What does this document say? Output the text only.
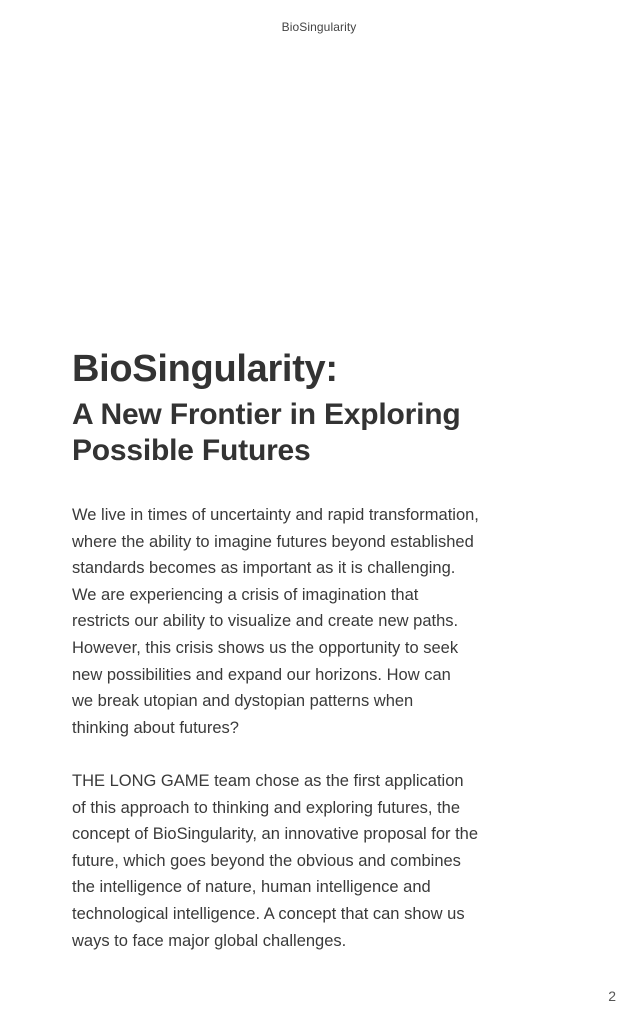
BioSingularity
BioSingularity:
A New Frontier in Exploring
Possible Futures

We live in times of uncertainty and rapid transformation,
where the ability to imagine futures beyond established
standards becomes as important as it is challenging.
We are experiencing a crisis of imagination that
restricts our ability to visualize and create new paths.
However, this crisis shows us the opportunity to seek
new possibilities and expand our horizons. How can
we break utopian and dystopian patterns when
thinking about futures?

THE LONG GAME team chose as the first application
of this approach to thinking and exploring futures, the
concept of BioSingularity, an innovative proposal for the
future, which goes beyond the obvious and combines
the intelligence of nature, human intelligence and
technological intelligence. A concept that can show us
ways to face major global challenges.

2
